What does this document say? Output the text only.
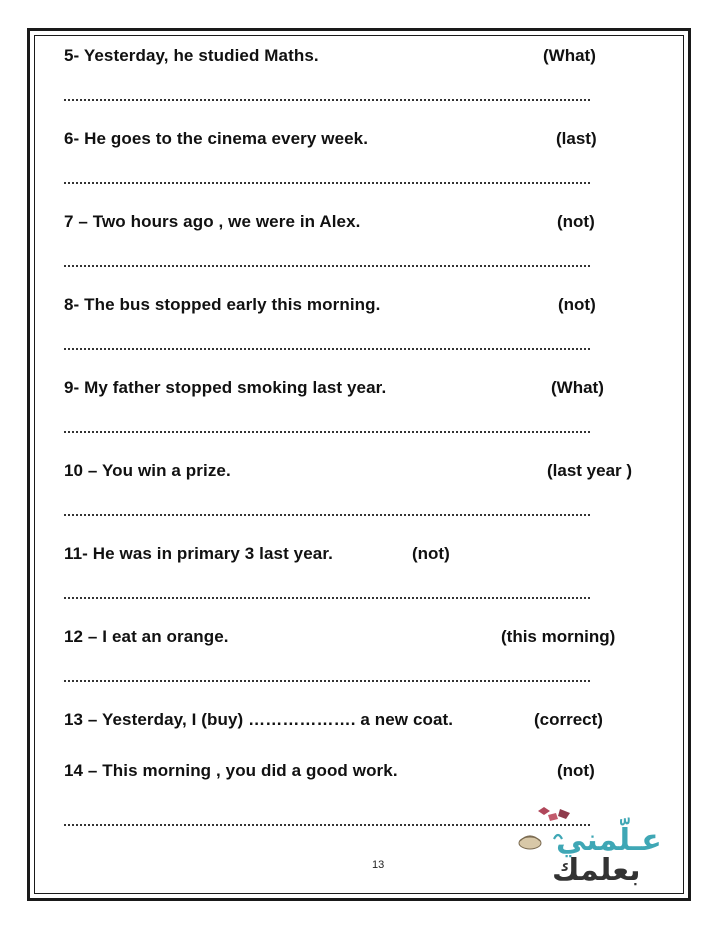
5- Yesterday, he studied Maths.	(What)
6- He goes to the cinema every week.	(last)
7 – Two hours ago , we were in Alex.	(not)
8- The bus stopped early this morning.	(not)
9- My father stopped smoking last year.	(What)
10 – You win a prize.	(last year )
11- He was in primary 3 last year.	(not)
12 – I eat an orange.	(this morning)
13 – Yesterday, I (buy) ………………. a new coat.	(correct)
14 – This morning , you did a good work.	(not)
13
عـلّمني
بعلمك
